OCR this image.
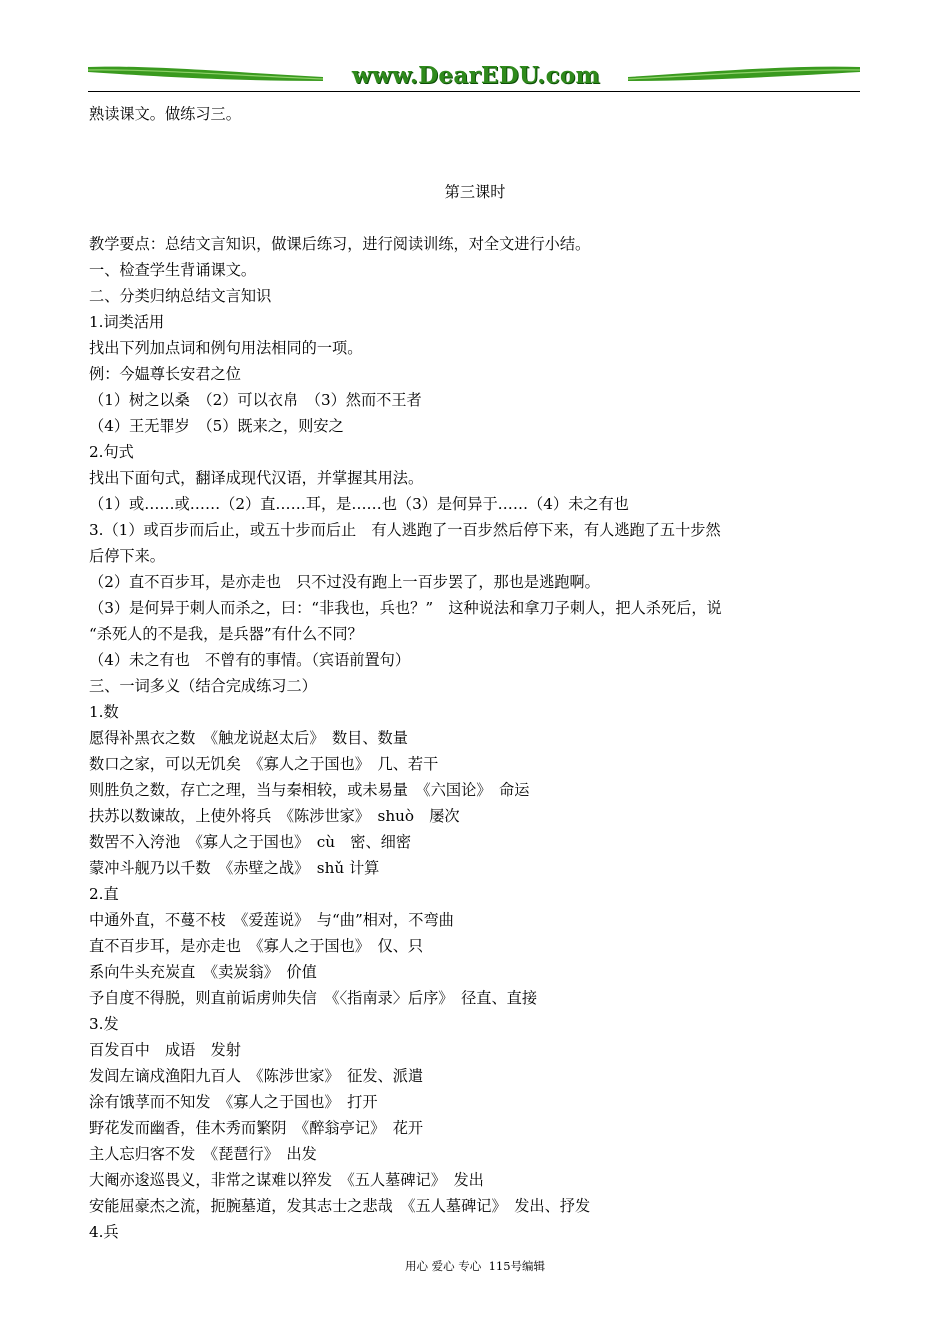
www.DearEDU.com
熟读课文。做练习三。
第三课时
教学要点：总结文言知识，做课后练习，进行阅读训练，对全文进行小结。
一、检查学生背诵课文。
二、分类归纳总结文言知识
1.词类活用
找出下列加点词和例句用法相同的一项。
例：今媪尊长安君之位
（1）树之以桑　（2）可以衣帛　（3）然而不王者
（4）王无罪岁　（5）既来之，则安之
2.句式
找出下面句式，翻译成现代汉语，并掌握其用法。
（1）或……或……（2）直……耳，是……也（3）是何异于……（4）未之有也
3.（1）或百步而后止，或五十步而后止　有人逃跑了一百步然后停下来，有人逃跑了五十步然
后停下来。
（2）直不百步耳，是亦走也　只不过没有跑上一百步罢了，那也是逃跑啊。
（3）是何异于刺人而杀之，曰：“非我也，兵也？”　这种说法和拿刀子刺人，把人杀死后，说
“杀死人的不是我，是兵器”有什么不同？
（4）未之有也　不曾有的事情。（宾语前置句）
三、一词多义（结合完成练习二）
1.数
愿得补黑衣之数　《触龙说赵太后》　数目、数量
数口之家，可以无饥矣　《寡人之于国也》　几、若干
则胜负之数，存亡之理，当与秦相较，或未易量　《六国论》　命运
扶苏以数谏故，上使外将兵　《陈涉世家》　shuò　屡次
数罟不入洿池　《寡人之于国也》　cù　密、细密
蒙冲斗舰乃以千数　《赤壁之战》　shǔ 计算
2.直
中通外直，不蔓不枝　《爱莲说》　与“曲”相对，不弯曲
直不百步耳，是亦走也　《寡人之于国也》　仅、只
系向牛头充炭直　《卖炭翁》　价值
予自度不得脱，则直前诟虏帅失信　《〈指南录〉后序》　径直、直接
3.发
百发百中　成语　发射
发闾左谪戍渔阳九百人　《陈涉世家》　征发、派遣
涂有饿莩而不知发　《寡人之于国也》　打开
野花发而幽香，佳木秀而繁阴　《醉翁亭记》　花开
主人忘归客不发　《琵琶行》　出发
大阉亦逡巡畏义，非常之谋难以猝发　《五人墓碑记》　发出
安能屈豪杰之流，扼腕墓道，发其志士之悲哉　《五人墓碑记》　发出、抒发
4.兵
用心 爱心 专心  115号编辑
